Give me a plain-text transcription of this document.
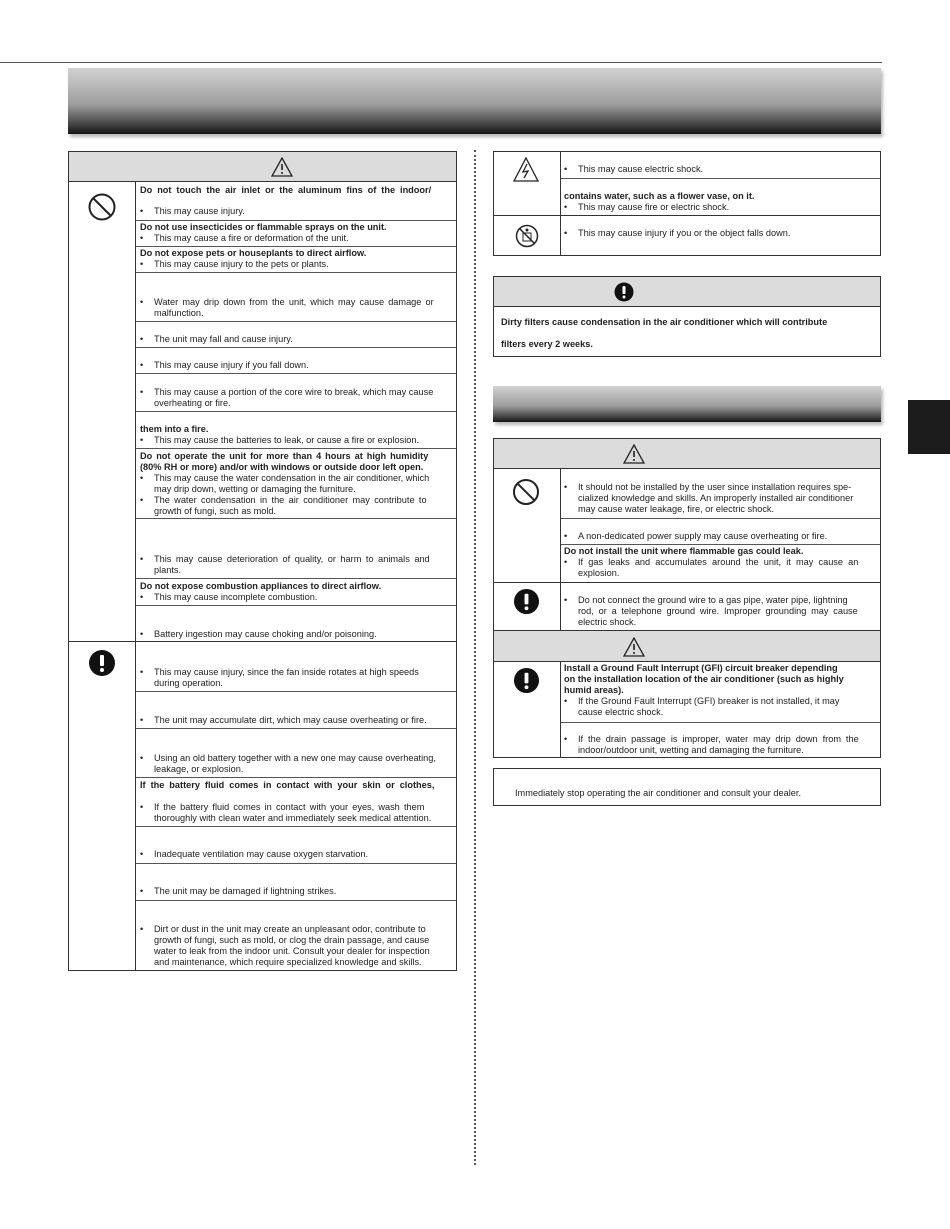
Do not touch the air inlet or the aluminum fins of the indoor/
• This may cause injury.
Do not use insecticides or flammable sprays on the unit.
• This may cause a fire or deformation of the unit.
Do not expose pets or houseplants to direct airflow.
• This may cause injury to the pets or plants.
• Water may drip down from the unit, which may cause damage or
malfunction.
• The unit may fall and cause injury.
• This may cause injury if you fall down.
• This may cause a portion of the core wire to break, which may cause
overheating or fire.
them into a fire.
• This may cause the batteries to leak, or cause a fire or explosion.
Do not operate the unit for more than 4 hours at high humidity
(80% RH or more) and/or with windows or outside door left open.
• This may cause the water condensation in the air conditioner, which
may drip down, wetting or damaging the furniture.
• The water condensation in the air conditioner may contribute to
growth of fungi, such as mold.
• This may cause deterioration of quality, or harm to animals and
plants.
Do not expose combustion appliances to direct airflow.
• This may cause incomplete combustion.
• Battery ingestion may cause choking and/or poisoning.
• This may cause injury, since the fan inside rotates at high speeds
during operation.
• The unit may accumulate dirt, which may cause overheating or fire.
• Using an old battery together with a new one may cause overheating,
leakage, or explosion.
If the battery fluid comes in contact with your skin or clothes,
• If the battery fluid comes in contact with your eyes, wash them
thoroughly with clean water and immediately seek medical attention.
• Inadequate ventilation may cause oxygen starvation.
• The unit may be damaged if lightning strikes.
• Dirt or dust in the unit may create an unpleasant odor, contribute to
growth of fungi, such as mold, or clog the drain passage, and cause
water to leak from the indoor unit. Consult your dealer for inspection
and maintenance, which require specialized knowledge and skills.
• This may cause electric shock.
contains water, such as a flower vase, on it.
• This may cause fire or electric shock.
• This may cause injury if you or the object falls down.
Dirty filters cause condensation in the air conditioner which will contribute
filters every 2 weeks.
• It should not be installed by the user since installation requires spe-
cialized knowledge and skills. An improperly installed air conditioner
may cause water leakage, fire, or electric shock.
• A non-dedicated power supply may cause overheating or fire.
Do not install the unit where flammable gas could leak.
• If gas leaks and accumulates around the unit, it may cause an
explosion.
• Do not connect the ground wire to a gas pipe, water pipe, lightning
rod, or a telephone ground wire. Improper grounding may cause
electric shock.
Install a Ground Fault Interrupt (GFI) circuit breaker depending
on the installation location of the air conditioner (such as highly
humid areas).
• If the Ground Fault Interrupt (GFI) breaker is not installed, it may
cause electric shock.
• If the drain passage is improper, water may drip down from the
indoor/outdoor unit, wetting and damaging the furniture.
Immediately stop operating the air conditioner and consult your dealer.
